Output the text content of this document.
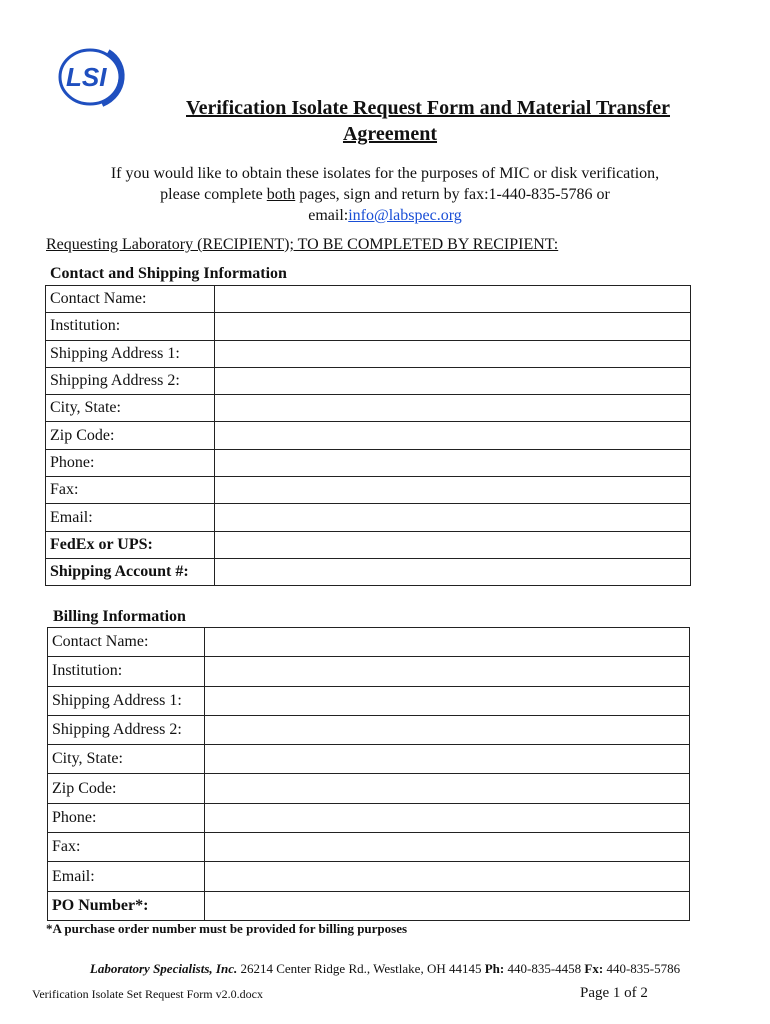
LSI
Verification Isolate Request Form and Material Transfer
Agreement
If you would like to obtain these isolates for the purposes of MIC or disk verification,
please complete both pages, sign and return by fax:1-440-835-5786 or
email:info@labspec.org
Requesting Laboratory (RECIPIENT); TO BE COMPLETED BY RECIPIENT:
Contact and Shipping Information
Contact Name:	
Institution:	
Shipping Address 1:	
Shipping Address 2:	
City, State:	
Zip Code:	
Phone:	
Fax:	
Email:	
FedEx or UPS:	
Shipping Account #:	
Billing Information
Contact Name:	
Institution:	
Shipping Address 1:	
Shipping Address 2:	
City, State:	
Zip Code:	
Phone:	
Fax:	
Email:	
PO Number*:	
*A purchase order number must be provided for billing purposes
Laboratory Specialists, Inc. 26214 Center Ridge Rd., Westlake, OH 44145 Ph: 440-835-4458 Fx: 440-835-5786
Verification Isolate Set Request Form v2.0.docx	Page 1 of 2
